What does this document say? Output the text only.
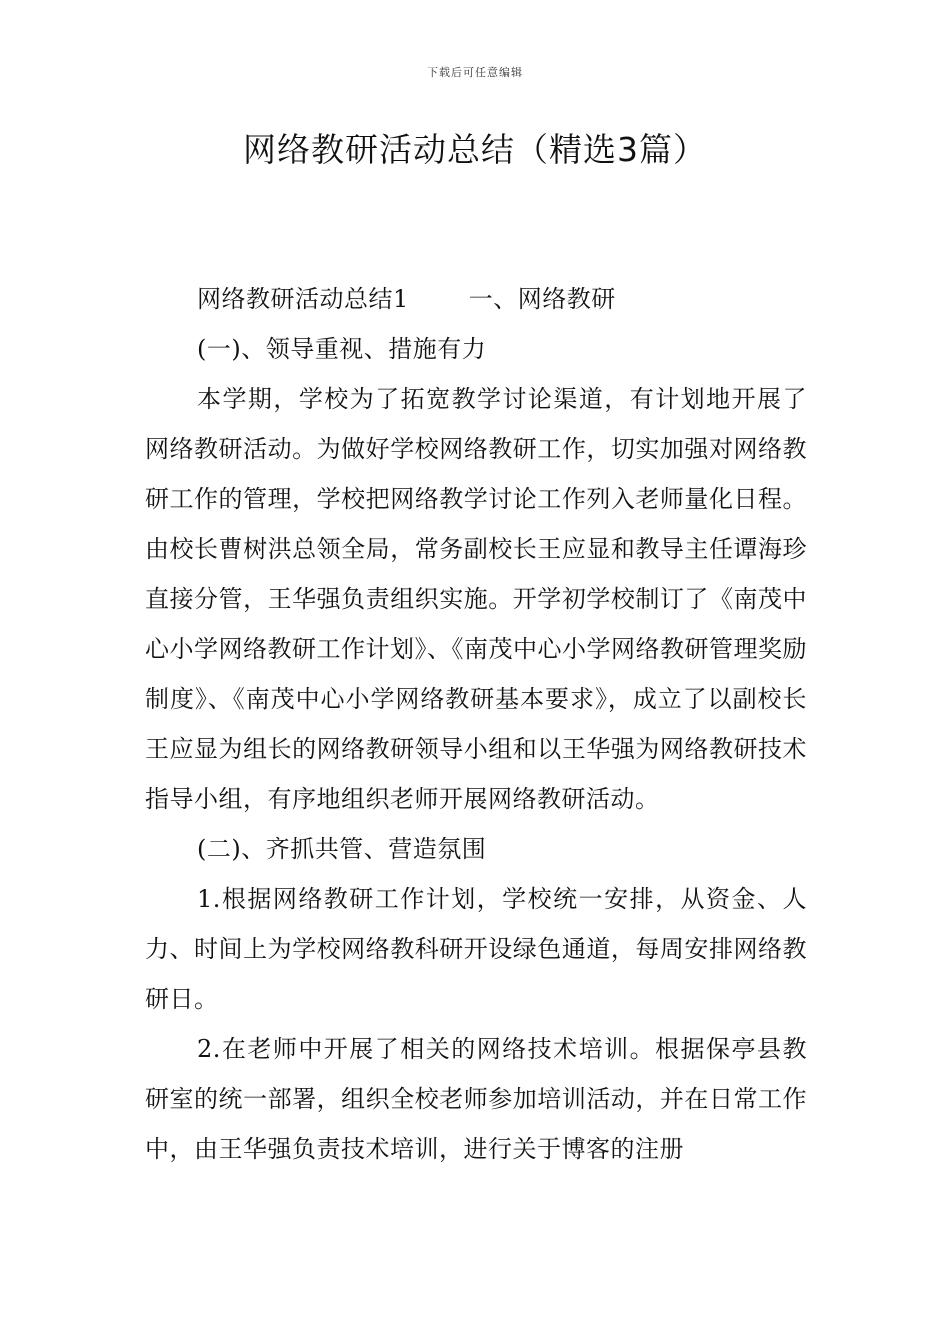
下载后可任意编辑
网络教研活动总结（精选3篇）

网络教研活动总结1	一、网络教研

(一)、领导重视、措施有力

本学期，学校为了拓宽教学讨论渠道，有计划地开展了网络教研活动。为做好学校网络教研工作，切实加强对网络教研工作的管理，学校把网络教学讨论工作列入老师量化日程。由校长曹树洪总领全局，常务副校长王应显和教导主任谭海珍直接分管，王华强负责组织实施。开学初学校制订了《南茂中心小学网络教研工作计划》、《南茂中心小学网络教研管理奖励制度》、《南茂中心小学网络教研基本要求》，成立了以副校长王应显为组长的网络教研领导小组和以王华强为网络教研技术指导小组，有序地组织老师开展网络教研活动。

(二)、齐抓共管、营造氛围

1.根据网络教研工作计划，学校统一安排，从资金、人力、时间上为学校网络教科研开设绿色通道，每周安排网络教研日。

2.在老师中开展了相关的网络技术培训。根据保亭县教研室的统一部署，组织全校老师参加培训活动，并在日常工作中，由王华强负责技术培训，进行关于博客的注册
